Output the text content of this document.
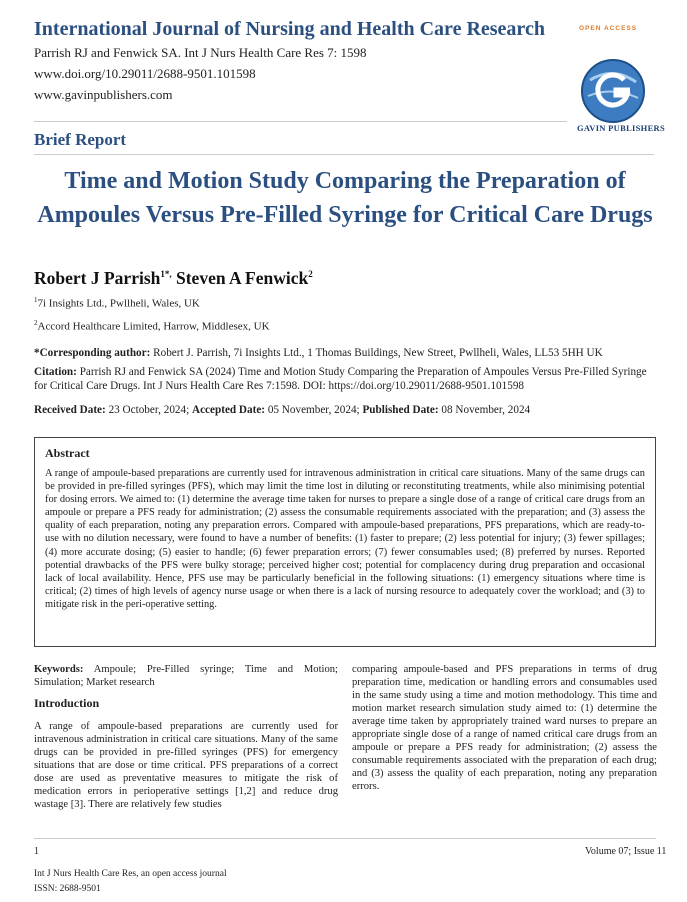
International Journal of Nursing and Health Care Research
Parrish RJ and Fenwick SA. Int J Nurs Health Care Res 7: 1598
www.doi.org/10.29011/2688-9501.101598
www.gavinpublishers.com
OPEN ACCESS
GAVIN PUBLISHERS
Brief Report
Time and Motion Study Comparing the Preparation of Ampoules Versus Pre-Filled Syringe for Critical Care Drugs
Robert J Parrish$^{1*,}$ Steven A Fenwick$^2$
$^1$7i Insights Ltd., Pwllheli, Wales, UK
$^2$Accord Healthcare Limited, Harrow, Middlesex, UK
*Corresponding author: Robert J. Parrish, 7i Insights Ltd., 1 Thomas Buildings, New Street, Pwllheli, Wales, LL53 5HH UK
Citation: Parrish RJ and Fenwick SA (2024) Time and Motion Study Comparing the Preparation of Ampoules Versus Pre-Filled Syringe for Critical Care Drugs. Int J Nurs Health Care Res 7:1598. DOI: https://doi.org/10.29011/2688-9501.101598
Received Date: 23 October, 2024; Accepted Date: 05 November, 2024; Published Date: 08 November, 2024
Abstract

A range of ampoule-based preparations are currently used for intravenous administration in critical care situations. Many of the same drugs can be provided in pre-filled syringes (PFS), which may limit the time lost in diluting or reconstituting treatments, while also minimising potential for dosing errors. We aimed to: (1) determine the average time taken for nurses to prepare a single dose of a range of critical care drugs from an ampoule or prepare a PFS ready for administration; (2) assess the consumable requirements associated with the preparation; and (3) assess the quality of each preparation, noting any preparation errors. Compared with ampoule-based preparations, PFS preparations, which are ready-to-use with no dilution necessary, were found to have a number of benefits: (1) faster to prepare; (2) less potential for injury; (3) fewer spillages; (4) more accurate dosing; (5) easier to handle; (6) fewer preparation errors; (7) fewer consumables used; (8) preferred by nurses. Reported potential drawbacks of the PFS were bulky storage; perceived higher cost; potential for complacency during drug preparation and occasional lack of local availability. Hence, PFS use may be particularly beneficial in the following situations: (1) emergency situations where time is critical; (2) times of high levels of agency nurse usage or when there is a lack of nursing resource to adequately cover the workload; and (3) to mitigate risk in the peri-operative setting.

Keywords: Ampoule; Pre-Filled syringe; Time and Motion; Simulation; Market research

Introduction

A range of ampoule-based preparations are currently used for intravenous administration in critical care situations. Many of the same drugs can be provided in pre-filled syringes (PFS) for emergency situations that are dose or time critical. PFS preparations of a correct dose are used as preventative measures to mitigate the risk of medication errors in perioperative settings [1,2] and reduce drug wastage [3]. There are relatively few studies

comparing ampoule-based and PFS preparations in terms of drug preparation time, medication or handling errors and consumables used in the same study using a time and motion methodology. This time and motion market research simulation study aimed to: (1) determine the average time taken by appropriately trained ward nurses to prepare an appropriate single dose of a range of named critical care drugs from an ampoule or prepare a PFS ready for administration; (2) assess the consumable requirements associated with the preparation of each drug; and (3) assess the quality of each preparation, noting any preparation errors.

1	Volume 07; Issue 11
Int J Nurs Health Care Res, an open access journal
ISSN: 2688-9501
